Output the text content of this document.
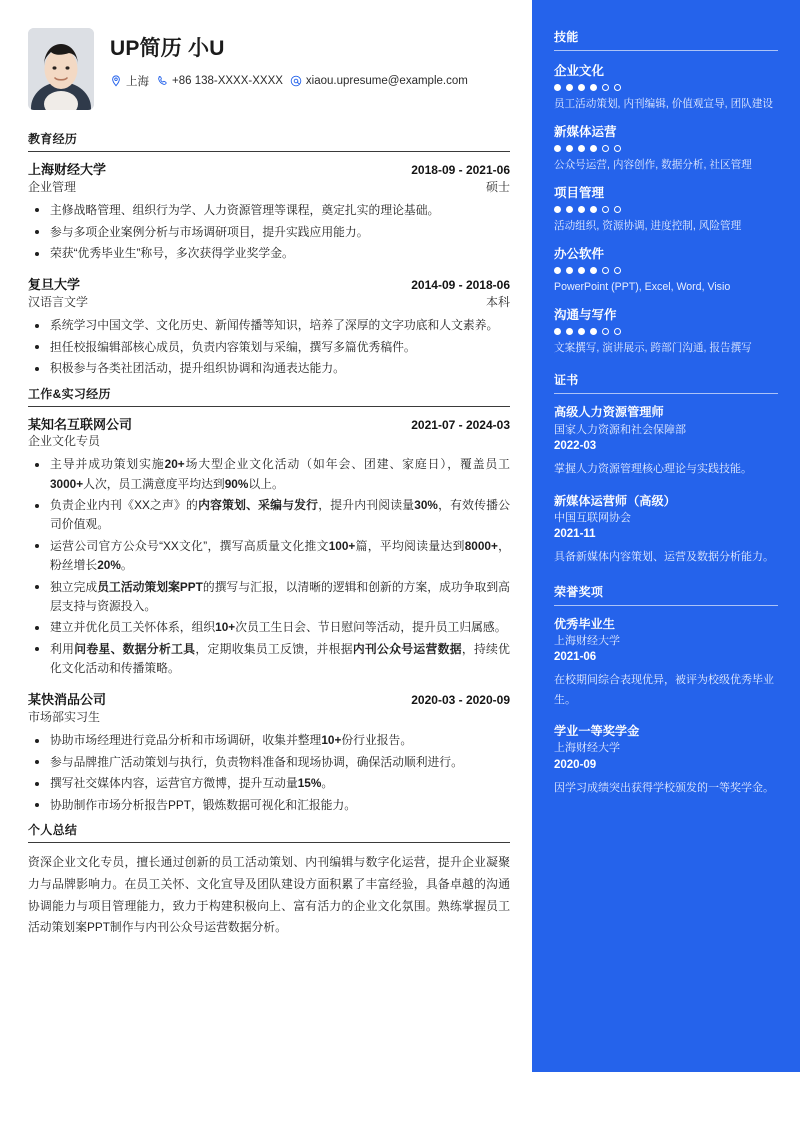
UP简历 小U
上海 +86 138-XXXX-XXXX xiaou.upresume@example.com
教育经历
上海财经大学	2018-09 - 2021-06
企业管理	硕士
主修战略管理、组织行为学、人力资源管理等课程，奠定扎实的理论基础。
参与多项企业案例分析与市场调研项目，提升实践应用能力。
荣获“优秀毕业生”称号，多次获得学业奖学金。
复旦大学	2014-09 - 2018-06
汉语言文学	本科
系统学习中国文学、文化历史、新闻传播等知识，培养了深厚的文字功底和人文素养。
担任校报编辑部核心成员，负责内容策划与采编，撰写多篇优秀稿件。
积极参与各类社团活动，提升组织协调和沟通表达能力。
工作&实习经历
某知名互联网公司	2021-07 - 2024-03
企业文化专员
主导并成功策划实施20+场大型企业文化活动（如年会、团建、家庭日），覆盖员工3000+人次，员工满意度平均达到90%以上。
负责企业内刊《XX之声》的内容策划、采编与发行，提升内刊阅读量30%，有效传播公司价值观。
运营公司官方公众号“XX文化”，撰写高质量文化推文100+篇，平均阅读量达到8000+，粉丝增长20%。
独立完成员工活动策划案PPT的撰写与汇报，以清晰的逻辑和创新的方案，成功争取到高层支持与资源投入。
建立并优化员工关怀体系，组织10+次员工生日会、节日慰问等活动，提升员工归属感。
利用问卷星、数据分析工具，定期收集员工反馈，并根据内刊公众号运营数据，持续优化文化活动和传播策略。
某快消品公司	2020-03 - 2020-09
市场部实习生
协助市场经理进行竞品分析和市场调研，收集并整理10+份行业报告。
参与品牌推广活动策划与执行，负责物料准备和现场协调，确保活动顺利进行。
撰写社交媒体内容，运营官方微博，提升互动量15%。
协助制作市场分析报告PPT，锻炼数据可视化和汇报能力。
个人总结
资深企业文化专员，擅长通过创新的员工活动策划、内刊编辑与数字化运营，提升企业凝聚力与品牌影响力。在员工关怀、文化宣导及团队建设方面积累了丰富经验，具备卓越的沟通协调能力与项目管理能力，致力于构建积极向上、富有活力的企业文化氛围。熟练掌握员工活动策划案PPT制作与内刊公众号运营数据分析。
技能
企业文化
员工活动策划, 内刊编辑, 价值观宣导, 团队建设
新媒体运营
公众号运营, 内容创作, 数据分析, 社区管理
项目管理
活动组织, 资源协调, 进度控制, 风险管理
办公软件
PowerPoint (PPT), Excel, Word, Visio
沟通与写作
文案撰写, 演讲展示, 跨部门沟通, 报告撰写
证书
高级人力资源管理师
国家人力资源和社会保障部
2022-03
掌握人力资源管理核心理论与实践技能。
新媒体运营师（高级）
中国互联网协会
2021-11
具备新媒体内容策划、运营及数据分析能力。
荣誉奖项
优秀毕业生
上海财经大学
2021-06
在校期间综合表现优异，被评为校级优秀毕业生。
学业一等奖学金
上海财经大学
2020-09
因学习成绩突出获得学校颁发的一等奖学金。
